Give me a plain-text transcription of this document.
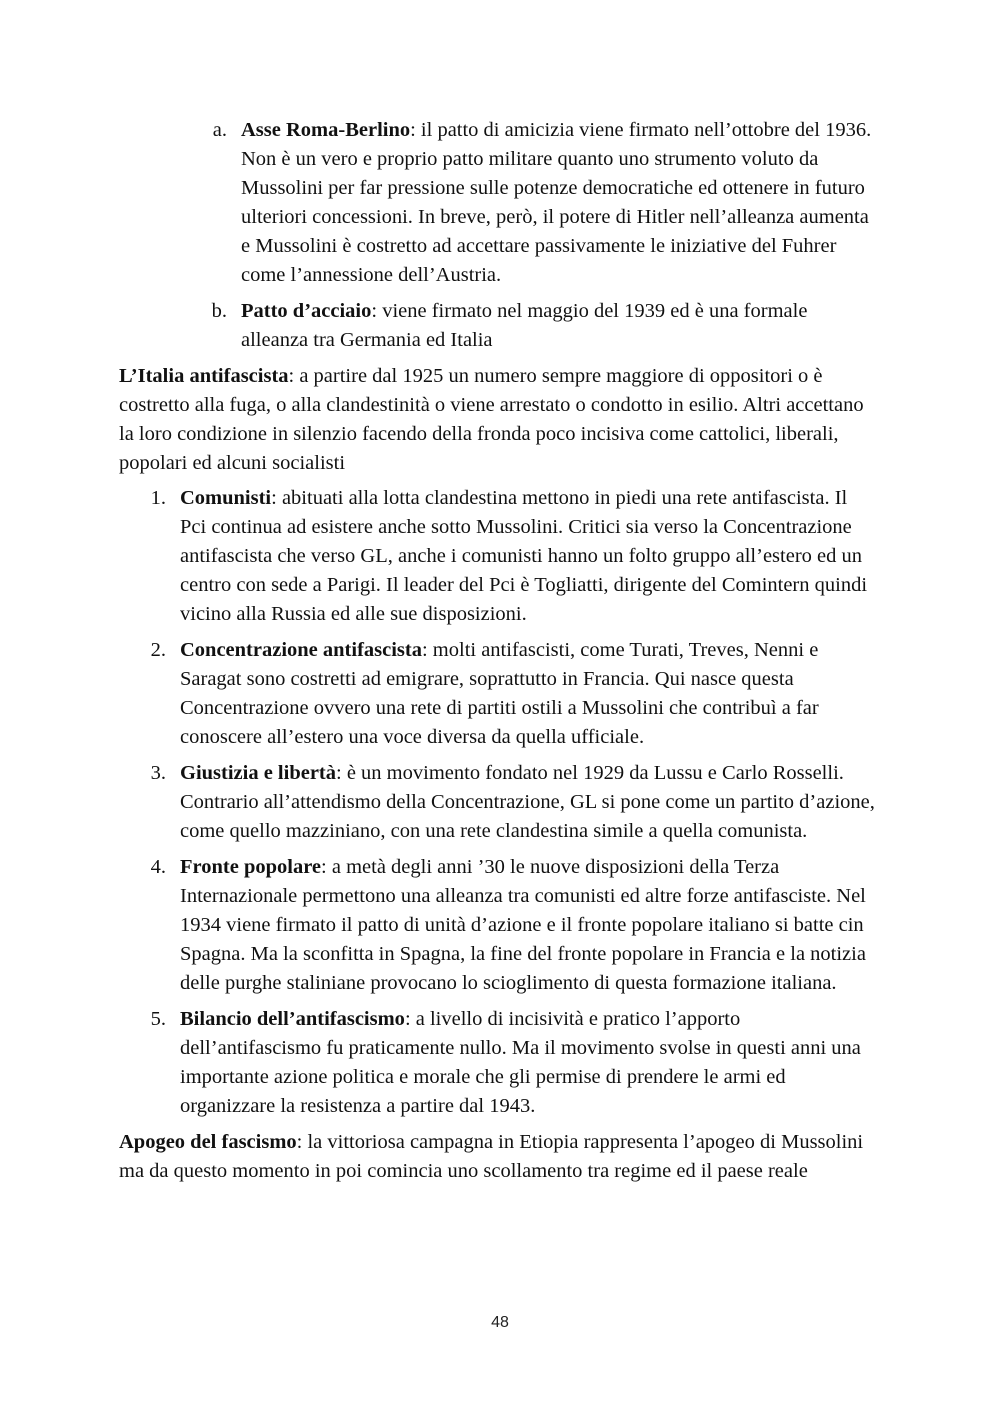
a. Asse Roma-Berlino: il patto di amicizia viene firmato nell’ottobre del 1936. Non è un vero e proprio patto militare quanto uno strumento voluto da Mussolini per far pressione sulle potenze democratiche ed ottenere in futuro ulteriori concessioni. In breve, però, il potere di Hitler nell’alleanza aumenta e Mussolini è costretto ad accettare passivamente le iniziative del Fuhrer come l’annessione dell’Austria.

b. Patto d’acciaio: viene firmato nel maggio del 1939 ed è una formale alleanza tra Germania ed Italia

L’Italia antifascista: a partire dal 1925 un numero sempre maggiore di oppositori o è costretto alla fuga, o alla clandestinità o viene arrestato o condotto in esilio. Altri accettano la loro condizione in silenzio facendo della fronda poco incisiva come cattolici, liberali, popolari ed alcuni socialisti

1. Comunisti: abituati alla lotta clandestina mettono in piedi una rete antifascista. Il Pci continua ad esistere anche sotto Mussolini. Critici sia verso la Concentrazione antifascista che verso GL, anche i comunisti hanno un folto gruppo all’estero ed un centro con sede a Parigi. Il leader del Pci è Togliatti, dirigente del Comintern quindi vicino alla Russia ed alle sue disposizioni.

2. Concentrazione antifascista: molti antifascisti, come Turati, Treves, Nenni e Saragat sono costretti ad emigrare, soprattutto in Francia. Qui nasce questa Concentrazione ovvero una rete di partiti ostili a Mussolini che contribuì a far conoscere all’estero una voce diversa da quella ufficiale.

3. Giustizia e libertà: è un movimento fondato nel 1929 da Lussu e Carlo Rosselli. Contrario all’attendismo della Concentrazione, GL si pone come un partito d’azione, come quello mazziniano, con una rete clandestina simile a quella comunista.

4. Fronte popolare: a metà degli anni ’30 le nuove disposizioni della Terza Internazionale permettono una alleanza tra comunisti ed altre forze antifasciste. Nel 1934 viene firmato il patto di unità d’azione e il fronte popolare italiano si batte cin Spagna. Ma la sconfitta in Spagna, la fine del fronte popolare in Francia e la notizia delle purghe staliniane provocano lo scioglimento di questa formazione italiana.

5. Bilancio dell’antifascismo: a livello di incisività e pratico l’apporto dell’antifascismo fu praticamente nullo. Ma il movimento svolse in questi anni una importante azione politica e morale che gli permise di prendere le armi ed organizzare la resistenza a partire dal 1943.

Apogeo del fascismo: la vittoriosa campagna in Etiopia rappresenta l’apogeo di Mussolini ma da questo momento in poi comincia uno scollamento tra regime ed il paese reale

48
